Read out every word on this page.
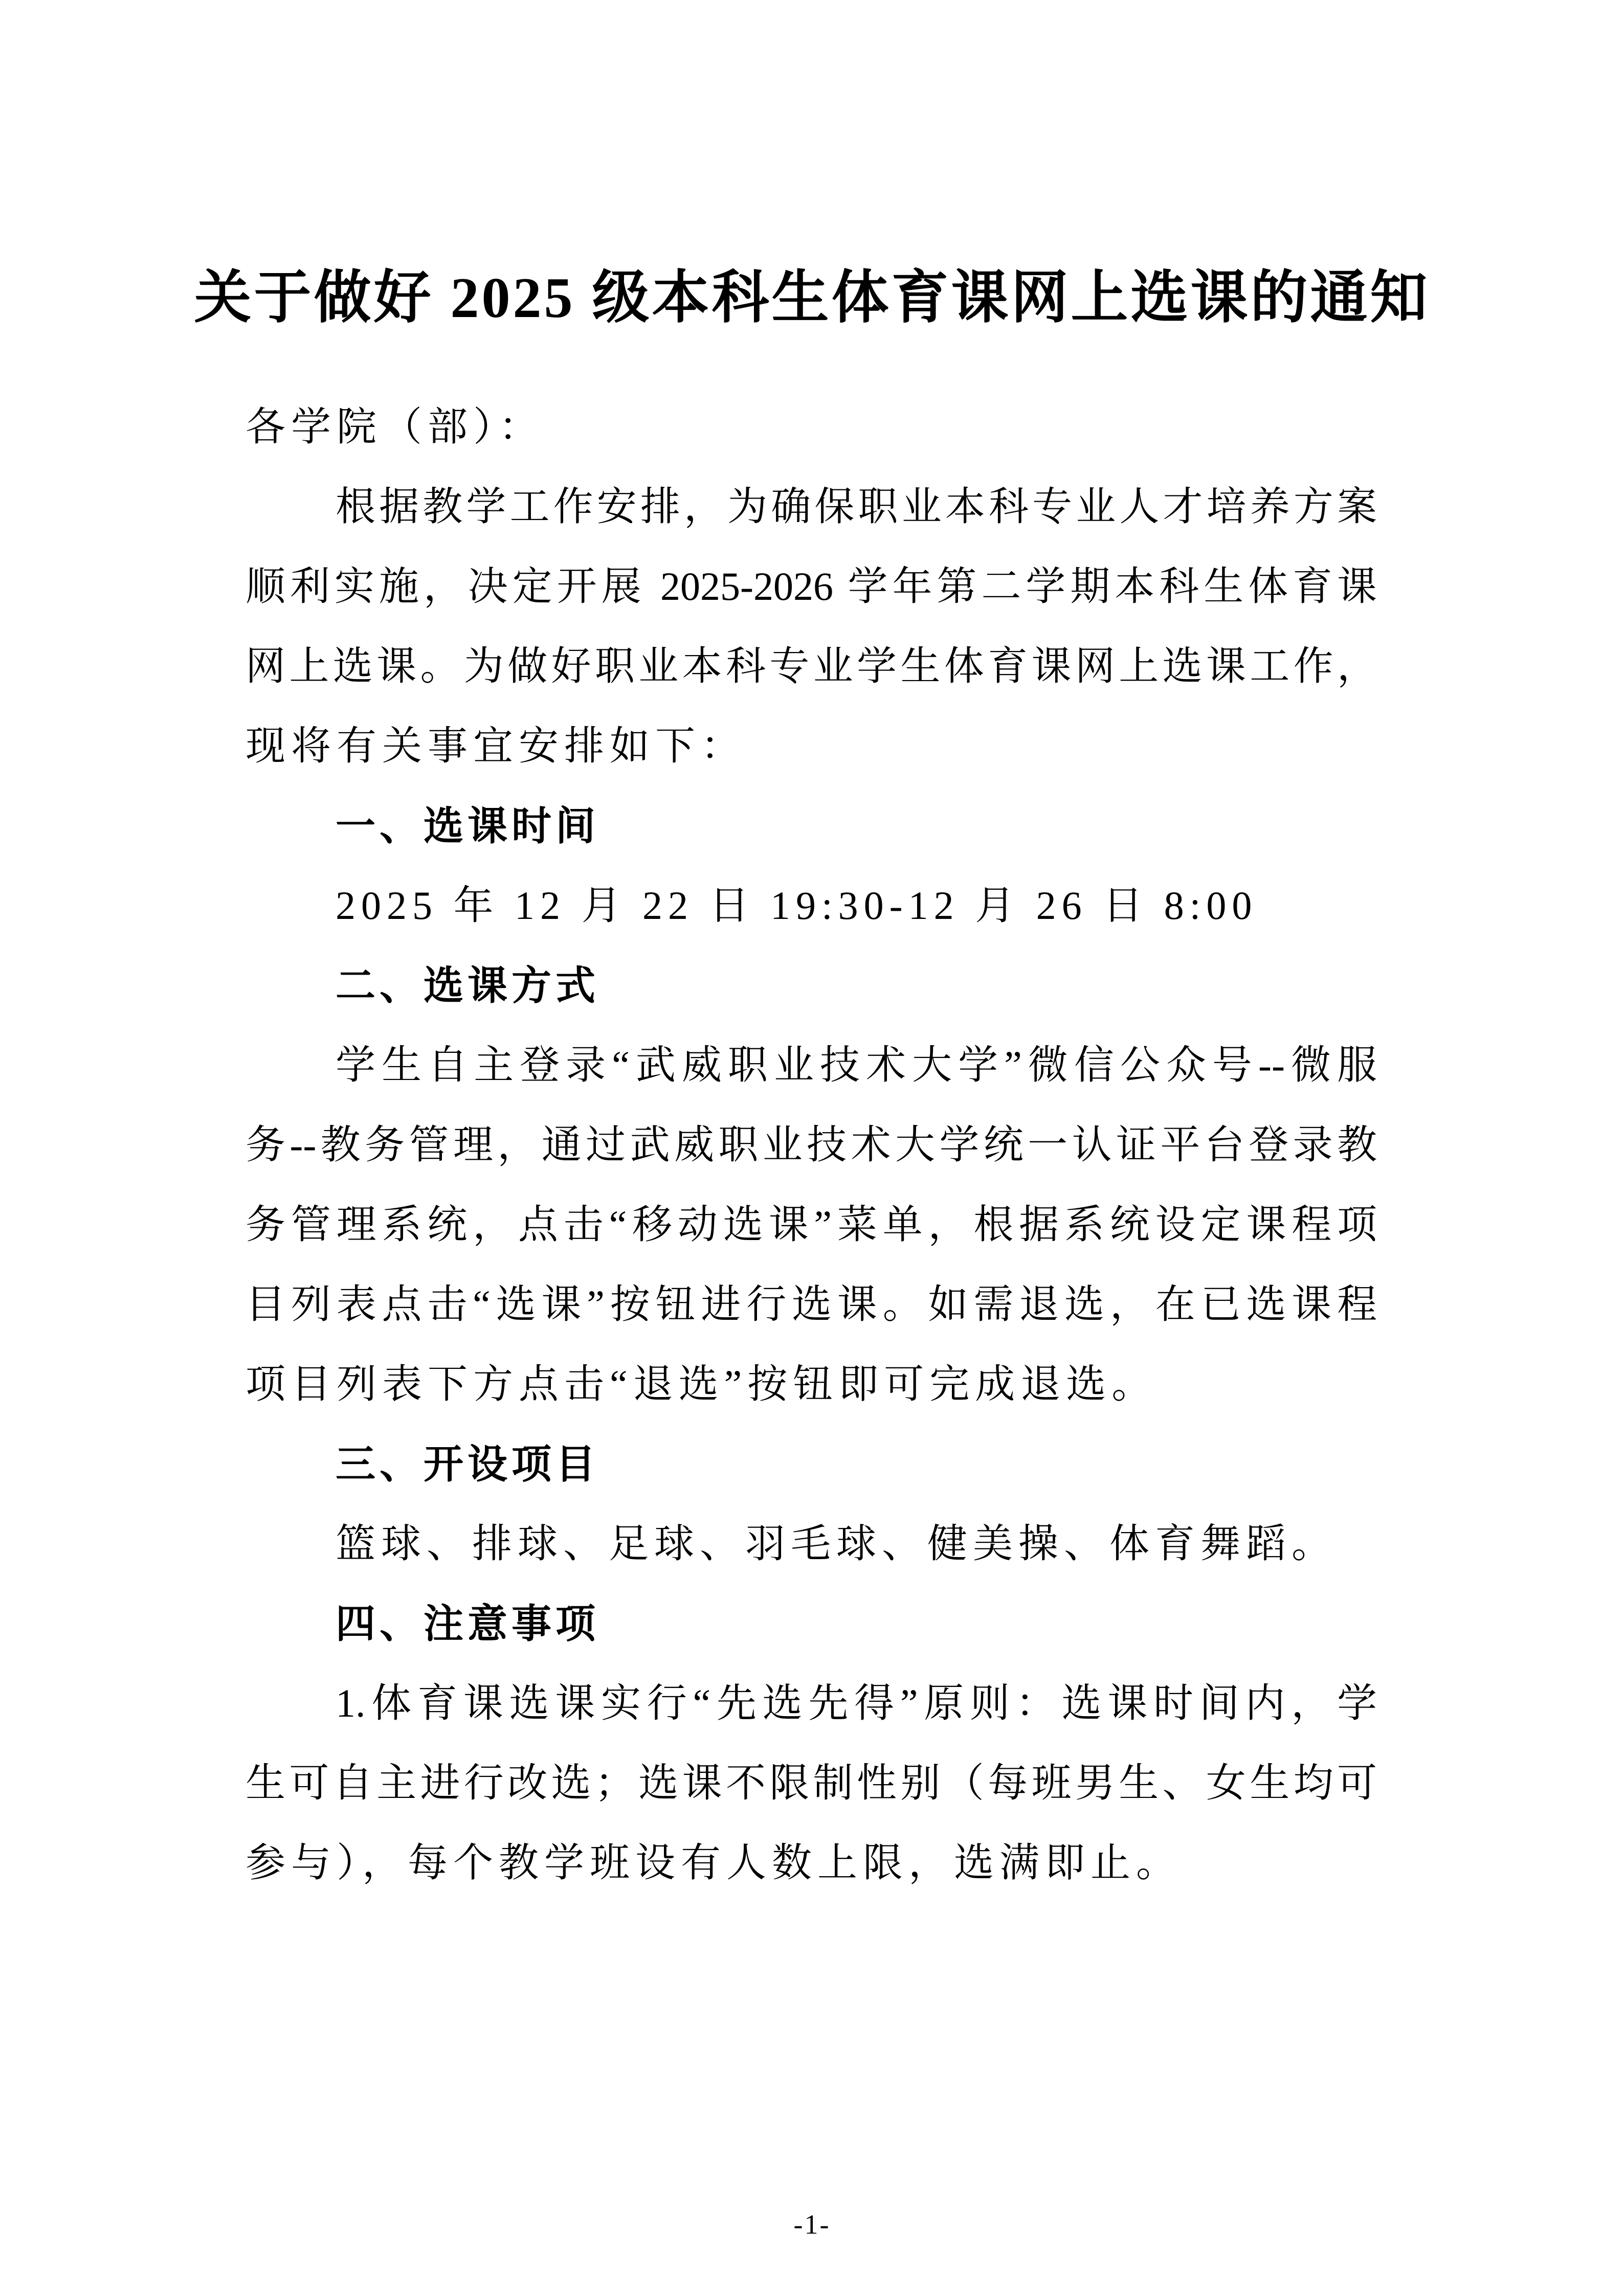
关于做好 2025 级本科生体育课网上选课的通知
各学院（部）：
根据教学工作安排，为确保职业本科专业人才培养方案
顺利实施，决定开展 2025-2026 学年第二学期本科生体育课
网上选课。为做好职业本科专业学生体育课网上选课工作，
现将有关事宜安排如下：
一、选课时间
2025 年 12 月 22 日 19:30-12 月 26 日 8:00
二、选课方式
学生自主登录“武威职业技术大学”微信公众号--微服
务--教务管理，通过武威职业技术大学统一认证平台登录教
务管理系统，点击“移动选课”菜单，根据系统设定课程项
目列表点击“选课”按钮进行选课。如需退选，在已选课程
项目列表下方点击“退选”按钮即可完成退选。
三、开设项目
篮球、排球、足球、羽毛球、健美操、体育舞蹈。
四、注意事项
1.体育课选课实行“先选先得”原则：选课时间内，学
生可自主进行改选；选课不限制性别（每班男生、女生均可
参与），每个教学班设有人数上限，选满即止。
-1-
